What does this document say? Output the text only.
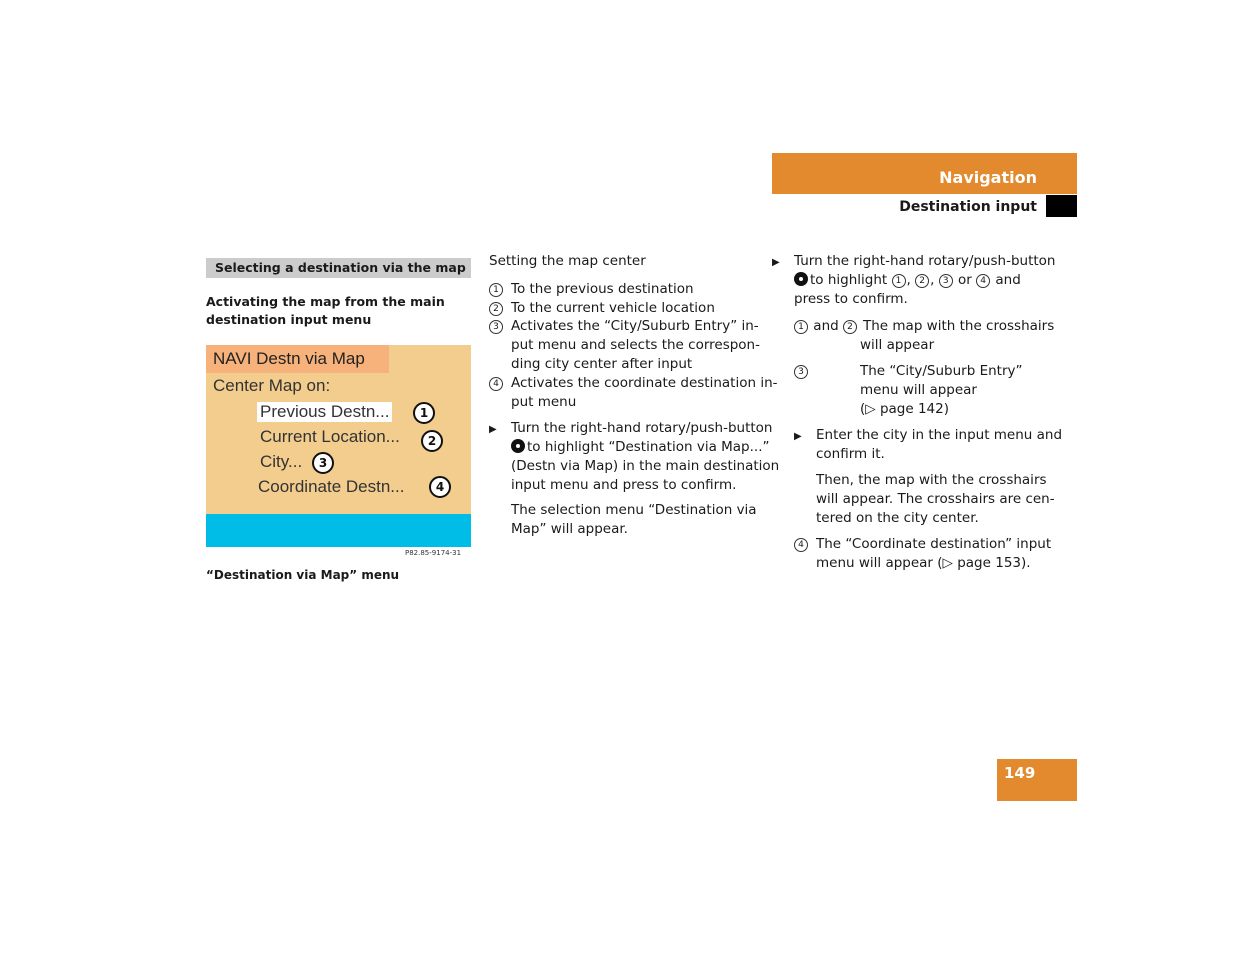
Navigation
Destination input
Selecting a destination via the map
Activating the map from the main destination input menu
NAVI Destn via Map
Center Map on:
Previous Destn...	1
Current Location...	2
City...	3
Coordinate Destn...	4
P82.85-9174-31
“Destination via Map” menu
Setting the map center
1 To the previous destination
2 To the current vehicle location
3 Activates the “City/Suburb Entry” in-
put menu and selects the correspon-
ding city center after input
4 Activates the coordinate destination in-
put menu
▶ Turn the right-hand rotary/push-button
to highlight “Destination via Map...”
(Destn via Map) in the main destination
input menu and press to confirm.
The selection menu “Destination via
Map” will appear.
▶ Turn the right-hand rotary/push-button
to highlight 1 , 2 , 3 or 4 and
press to confirm.
1 and 2 The map with the crosshairs
will appear
3	The “City/Suburb Entry”
menu will appear
(▷ page 142)
▶ Enter the city in the input menu and
confirm it.
Then, the map with the crosshairs
will appear. The crosshairs are cen-
tered on the city center.
4 The “Coordinate destination” input
menu will appear (▷ page 153).
149
